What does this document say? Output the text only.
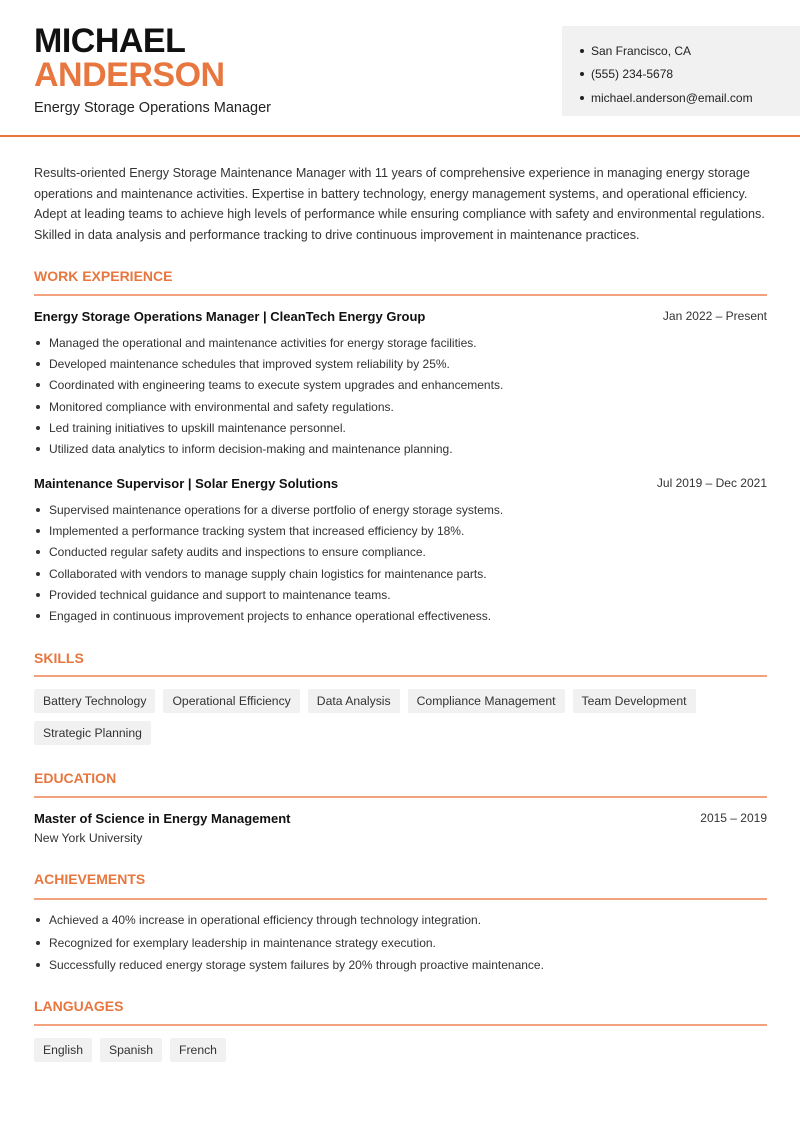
MICHAEL
ANDERSON
Energy Storage Operations Manager
San Francisco, CA
(555) 234-5678
michael.anderson@email.com
Results-oriented Energy Storage Maintenance Manager with 11 years of comprehensive experience in managing energy storage operations and maintenance activities. Expertise in battery technology, energy management systems, and operational efficiency. Adept at leading teams to achieve high levels of performance while ensuring compliance with safety and environmental regulations. Skilled in data analysis and performance tracking to drive continuous improvement in maintenance practices.
WORK EXPERIENCE
Energy Storage Operations Manager | CleanTech Energy Group	Jan 2022 – Present
Managed the operational and maintenance activities for energy storage facilities.
Developed maintenance schedules that improved system reliability by 25%.
Coordinated with engineering teams to execute system upgrades and enhancements.
Monitored compliance with environmental and safety regulations.
Led training initiatives to upskill maintenance personnel.
Utilized data analytics to inform decision-making and maintenance planning.
Maintenance Supervisor | Solar Energy Solutions	Jul 2019 – Dec 2021
Supervised maintenance operations for a diverse portfolio of energy storage systems.
Implemented a performance tracking system that increased efficiency by 18%.
Conducted regular safety audits and inspections to ensure compliance.
Collaborated with vendors to manage supply chain logistics for maintenance parts.
Provided technical guidance and support to maintenance teams.
Engaged in continuous improvement projects to enhance operational effectiveness.
SKILLS
Battery Technology	Operational Efficiency	Data Analysis	Compliance Management	Team Development
Strategic Planning
EDUCATION
Master of Science in Energy Management	2015 – 2019
New York University
ACHIEVEMENTS
Achieved a 40% increase in operational efficiency through technology integration.
Recognized for exemplary leadership in maintenance strategy execution.
Successfully reduced energy storage system failures by 20% through proactive maintenance.
LANGUAGES
English	Spanish	French
